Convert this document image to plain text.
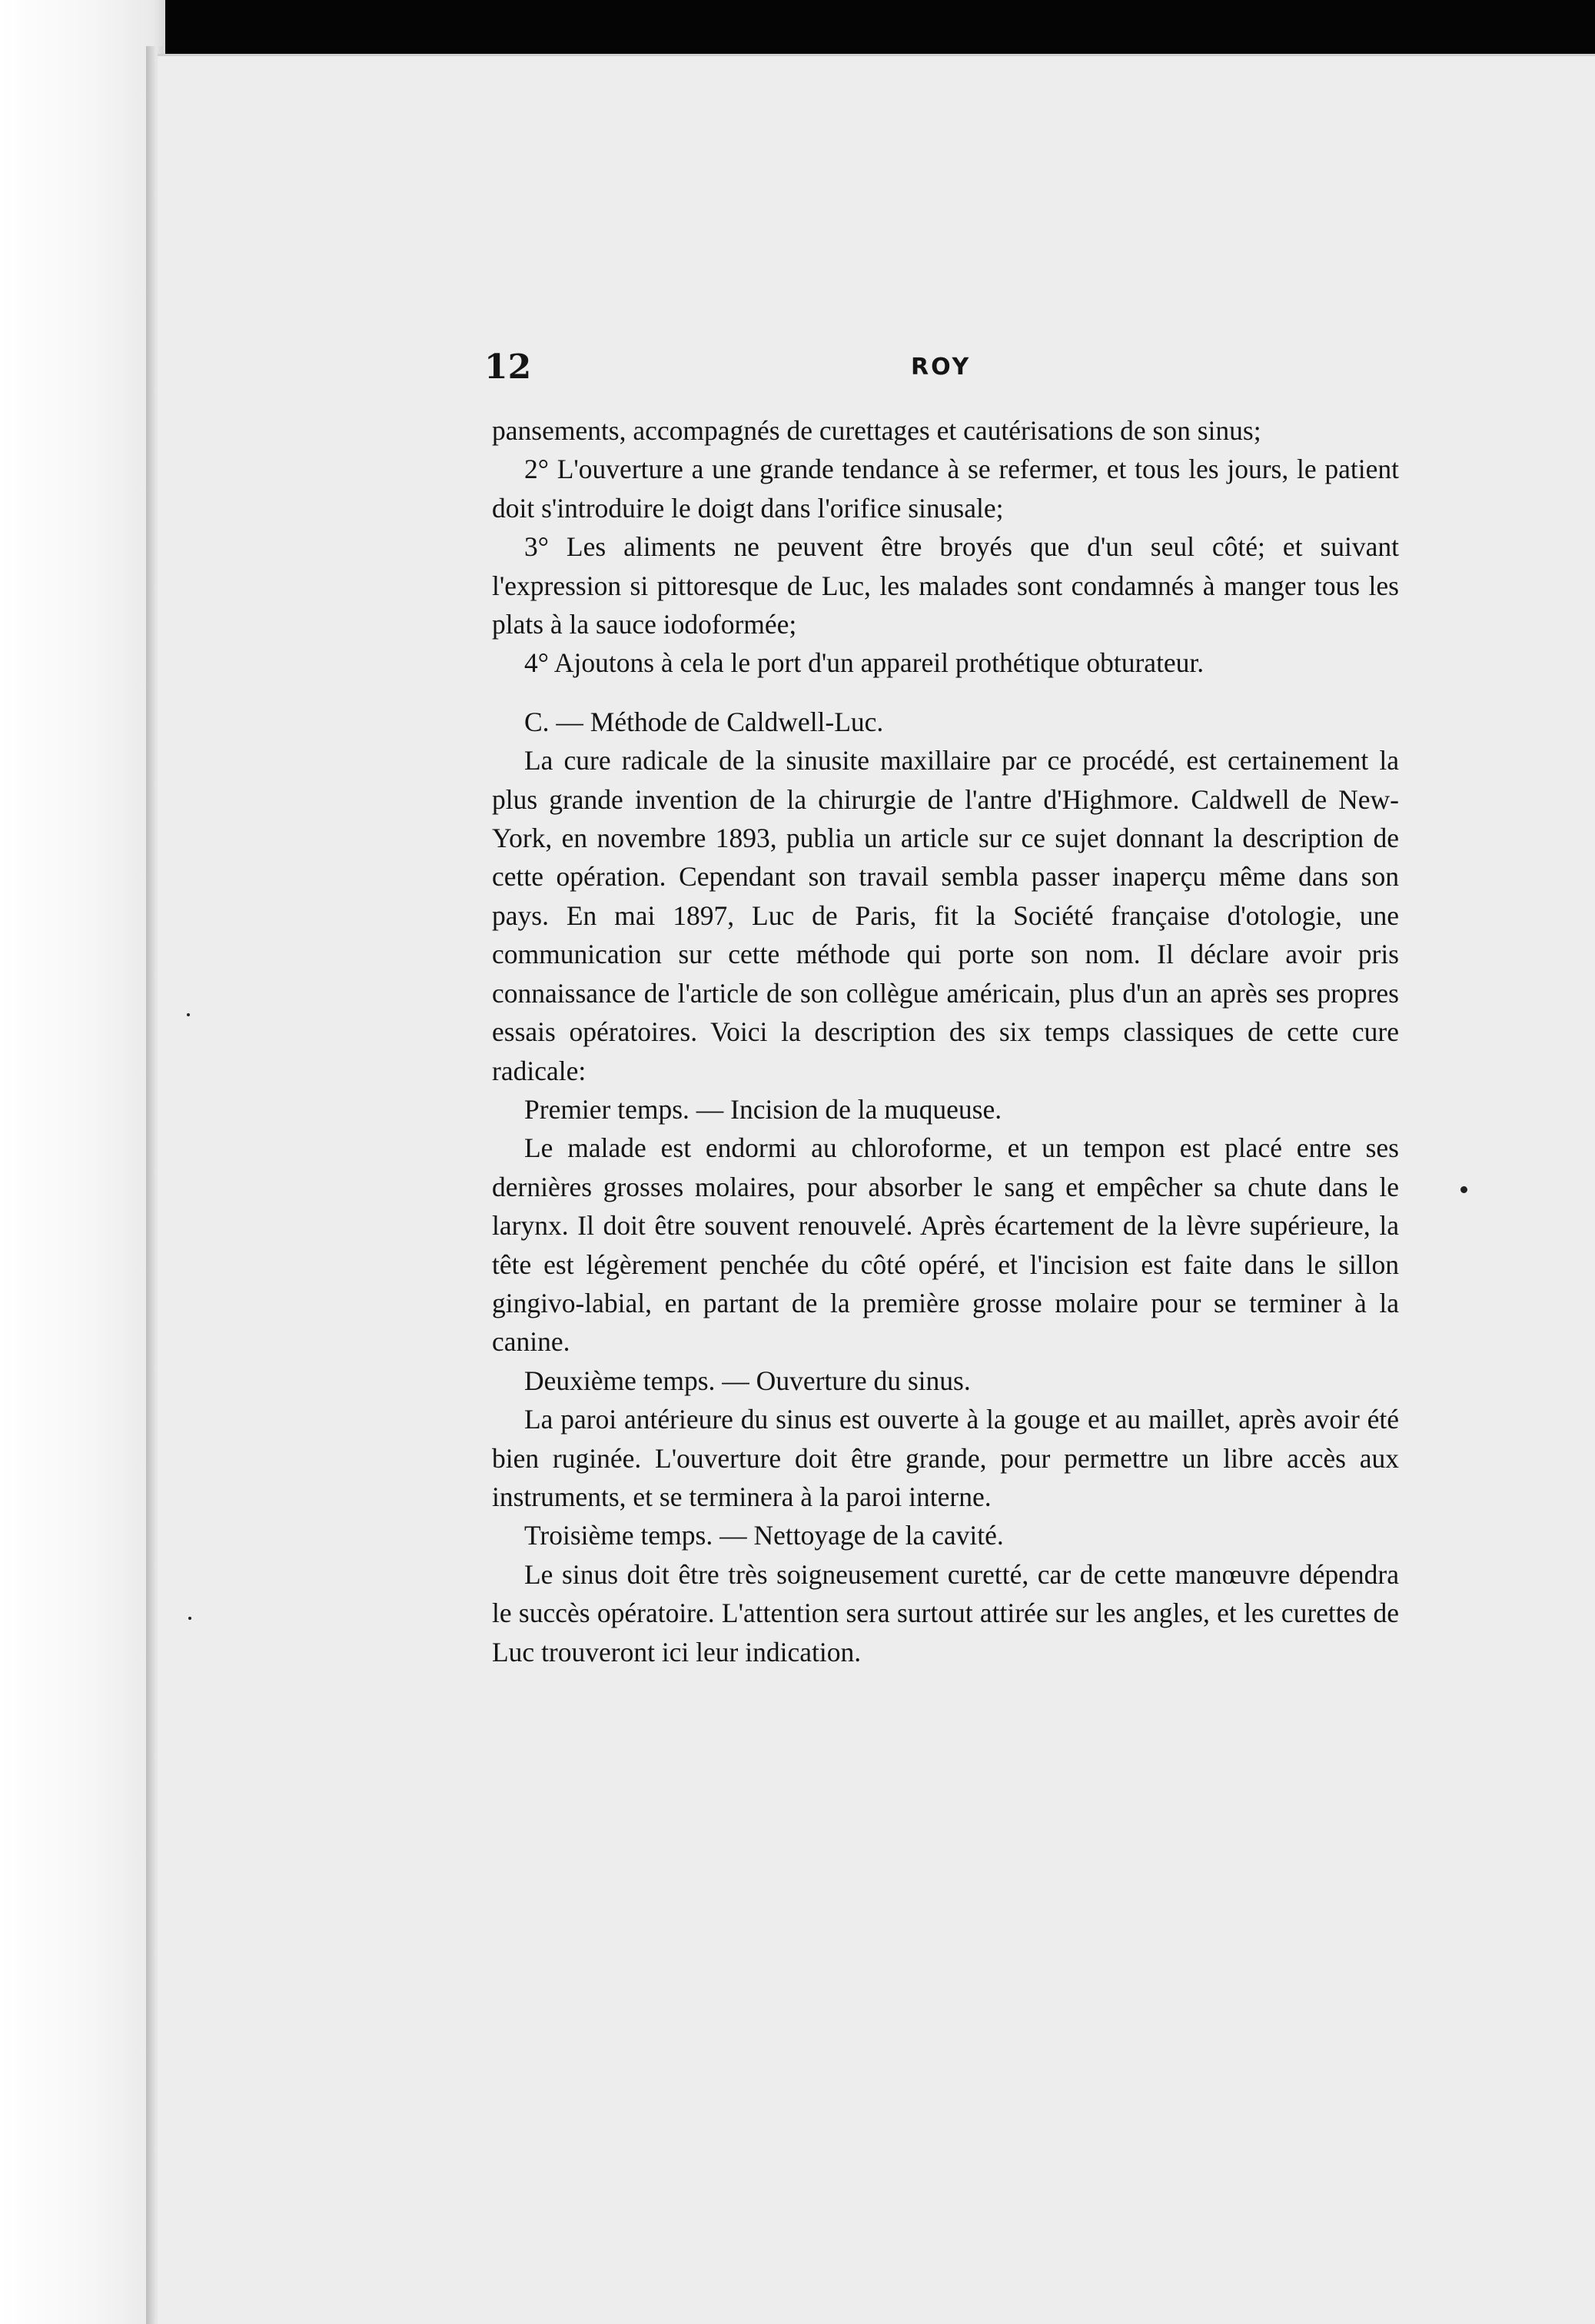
12	ROY

pansements, accompagnés de curettages et cautérisations de son sinus;

2° L'ouverture a une grande tendance à se refermer, et tous les jours, le patient doit s'introduire le doigt dans l'orifice sinusale;

3° Les aliments ne peuvent être broyés que d'un seul côté; et suivant l'expression si pittoresque de Luc, les malades sont condamnés à manger tous les plats à la sauce iodoformée;

4° Ajoutons à cela le port d'un appareil prothétique obturateur.

C. — Méthode de Caldwell-Luc.

La cure radicale de la sinusite maxillaire par ce procédé, est certainement la plus grande invention de la chirurgie de l'antre d'Highmore. Caldwell de New-York, en novembre 1893, publia un article sur ce sujet donnant la description de cette opération. Cependant son travail sembla passer inaperçu même dans son pays. En mai 1897, Luc de Paris, fit la Société française d'otologie, une communication sur cette méthode qui porte son nom. Il déclare avoir pris connaissance de l'article de son collègue américain, plus d'un an après ses propres essais opératoires. Voici la description des six temps classiques de cette cure radicale:

Premier temps. — Incision de la muqueuse.

Le malade est endormi au chloroforme, et un tempon est placé entre ses dernières grosses molaires, pour absorber le sang et empêcher sa chute dans le larynx. Il doit être souvent renouvelé. Après écartement de la lèvre supérieure, la tête est légèrement penchée du côté opéré, et l'incision est faite dans le sillon gingivo-labial, en partant de la première grosse molaire pour se terminer à la canine.

Deuxième temps. — Ouverture du sinus.

La paroi antérieure du sinus est ouverte à la gouge et au maillet, après avoir été bien ruginée. L'ouverture doit être grande, pour permettre un libre accès aux instruments, et se terminera à la paroi interne.

Troisième temps. — Nettoyage de la cavité.

Le sinus doit être très soigneusement curetté, car de cette manœuvre dépendra le succès opératoire. L'attention sera surtout attirée sur les angles, et les curettes de Luc trouveront ici leur indication.
